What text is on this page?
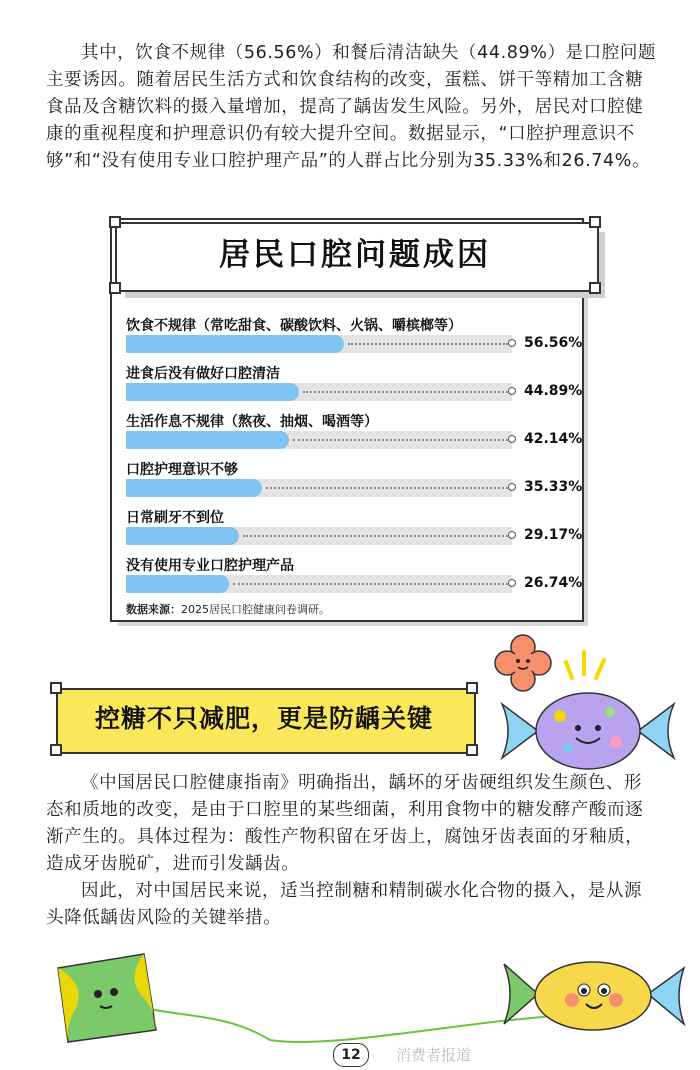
其中，饮食不规律（56.56%）和餐后清洁缺失（44.89%）是口腔问题主要诱因。随着居民生活方式和饮食结构的改变，蛋糕、饼干等精加工含糖食品及含糖饮料的摄入量增加，提高了龋齿发生风险。另外，居民对口腔健康的重视程度和护理意识仍有较大提升空间。数据显示，“口腔护理意识不够”和“没有使用专业口腔护理产品”的人群占比分别为35.33%和26.74%。
居民口腔问题成因
饮食不规律（常吃甜食、碳酸饮料、火锅、嚼槟榔等）
56.56%
进食后没有做好口腔清洁
44.89%
生活作息不规律（熬夜、抽烟、喝酒等）
42.14%
口腔护理意识不够
35.33%
日常刷牙不到位
29.17%
没有使用专业口腔护理产品
26.74%
数据来源：2025居民口腔健康问卷调研。
控糖不只减肥，更是防龋关键
《中国居民口腔健康指南》明确指出，龋坏的牙齿硬组织发生颜色、形态和质地的改变，是由于口腔里的某些细菌，利用食物中的糖发酵产酸而逐渐产生的。具体过程为：酸性产物积留在牙齿上，腐蚀牙齿表面的牙釉质，造成牙齿脱矿，进而引发龋齿。
因此，对中国居民来说，适当控制糖和精制碳水化合物的摄入，是从源头降低龋齿风险的关键举措。
12	消费者报道
